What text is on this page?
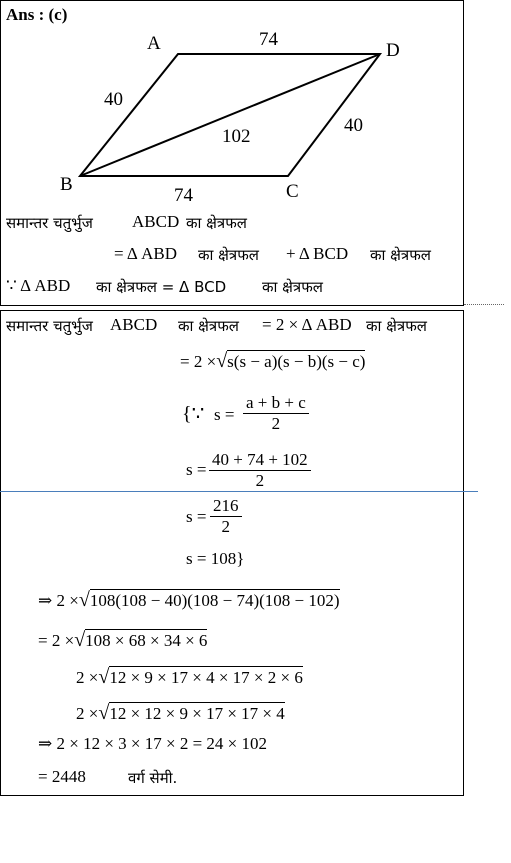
Ans : (c)
A	D
B	C
74
40
40
102
74
समान्तर चतुर्भुज ABCD का क्षेत्रफल
= Δ ABD का क्षेत्रफल + Δ BCD का क्षेत्रफल
∵ Δ ABD का क्षेत्रफल = Δ BCD का क्षेत्रफल
समान्तर चतुर्भुज ABCD का क्षेत्रफल = 2 × Δ ABD का क्षेत्रफल
= 2 ×√s(s − a)(s − b)(s − c)
{∵ $s = \frac{a + b + c}{2}$
$s = \frac{40 + 74 + 102}{2}$
$s = \frac{216}{2}$
s = 108}
⇒ 2 ×√108(108 − 40)(108 − 74)(108 − 102)
= 2 ×√108 × 68 × 34 × 6
2 ×√12 × 9 × 17 × 4 × 17 × 2 × 6
2 ×√12 × 12 × 9 × 17 × 17 × 4
⇒ 2 × 12 × 3 × 17 × 2 = 24 × 102
= 2448	वर्ग सेमी.
